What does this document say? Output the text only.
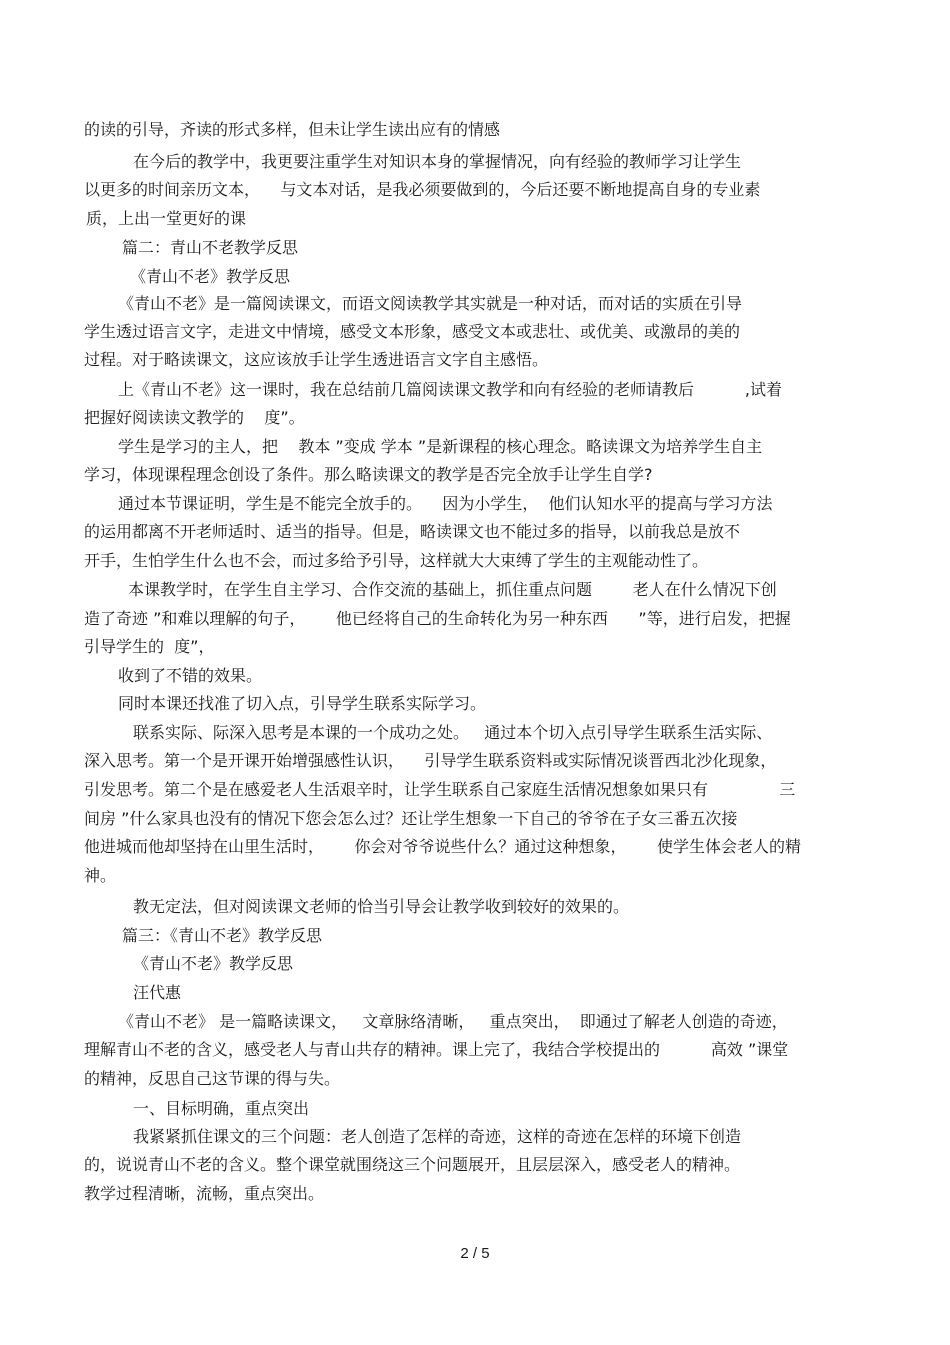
的读的引导，齐读的形式多样，但未让学生读出应有的情感
在今后的教学中，我更要注重学生对知识本身的掌握情况，向有经验的教师学习让学生
以更多的时间亲历文本，    与文本对话，是我必须要做到的，今后还要不断地提高自身的专业素
质，上出一堂更好的课
篇二：青山不老教学反思
《青山不老》教学反思
《青山不老》是一篇阅读课文，而语文阅读教学其实就是一种对话，而对话的实质在引导
学生透过语言文字，走进文中情境，感受文本形象，感受文本或悲壮、或优美、或激昂的美的
过程。对于略读课文，这应该放手让学生透进语言文字自主感悟。
上《青山不老》这一课时，我在总结前几篇阅读课文教学和向有经验的老师请教后          ,试着
把握好阅读读文教学的    度”。
学生是学习的主人，把    教本 ”变成 学本 ”是新课程的核心理念。略读课文为培养学生自主
学习，体现课程理念创设了条件。那么略读课文的教学是否完全放手让学生自学?
通过本节课证明，学生是不能完全放手的。    因为小学生，  他们认知水平的提高与学习方法
的运用都离不开老师适时、适当的指导。但是，略读课文也不能过多的指导，以前我总是放不
开手，生怕学生什么也不会，而过多给予引导，这样就大大束缚了学生的主观能动性了。
本课教学时，在学生自主学习、合作交流的基础上，抓住重点问题        老人在什么情况下创
造了奇迹 ”和难以理解的句子，      他已经将自己的生命转化为另一种东西      ”等，进行启发，把握
引导学生的  度”，
收到了不错的效果。
同时本课还找准了切入点，引导学生联系实际学习。
联系实际、际深入思考是本课的一个成功之处。   通过本个切入点引导学生联系生活实际、
深入思考。第一个是开课开始增强感性认识，    引导学生联系资料或实际情况谈晋西北沙化现象，
引发思考。第二个是在感爱老人生活艰辛时，让学生联系自己家庭生活情况想象如果只有              三
间房 ”什么家具也没有的情况下您会怎么过？还让学生想象一下自己的爷爷在子女三番五次接
他进城而他却坚持在山里生活时，      你会对爷爷说些什么？通过这种想象，      使学生体会老人的精
神。
教无定法，但对阅读课文老师的恰当引导会让教学收到较好的效果的。
篇三：《青山不老》教学反思
《青山不老》教学反思
汪代惠
《青山不老》 是一篇略读课文，   文章脉络清晰，   重点突出，  即通过了解老人创造的奇迹，
理解青山不老的含义，感受老人与青山共存的精神。课上完了，我结合学校提出的          高效 ”课堂
的精神，反思自己这节课的得与失。
一、目标明确，重点突出
我紧紧抓住课文的三个问题：老人创造了怎样的奇迹，这样的奇迹在怎样的环境下创造
的，说说青山不老的含义。整个课堂就围绕这三个问题展开，且层层深入，感受老人的精神。
教学过程清晰，流畅，重点突出。
2 / 5
